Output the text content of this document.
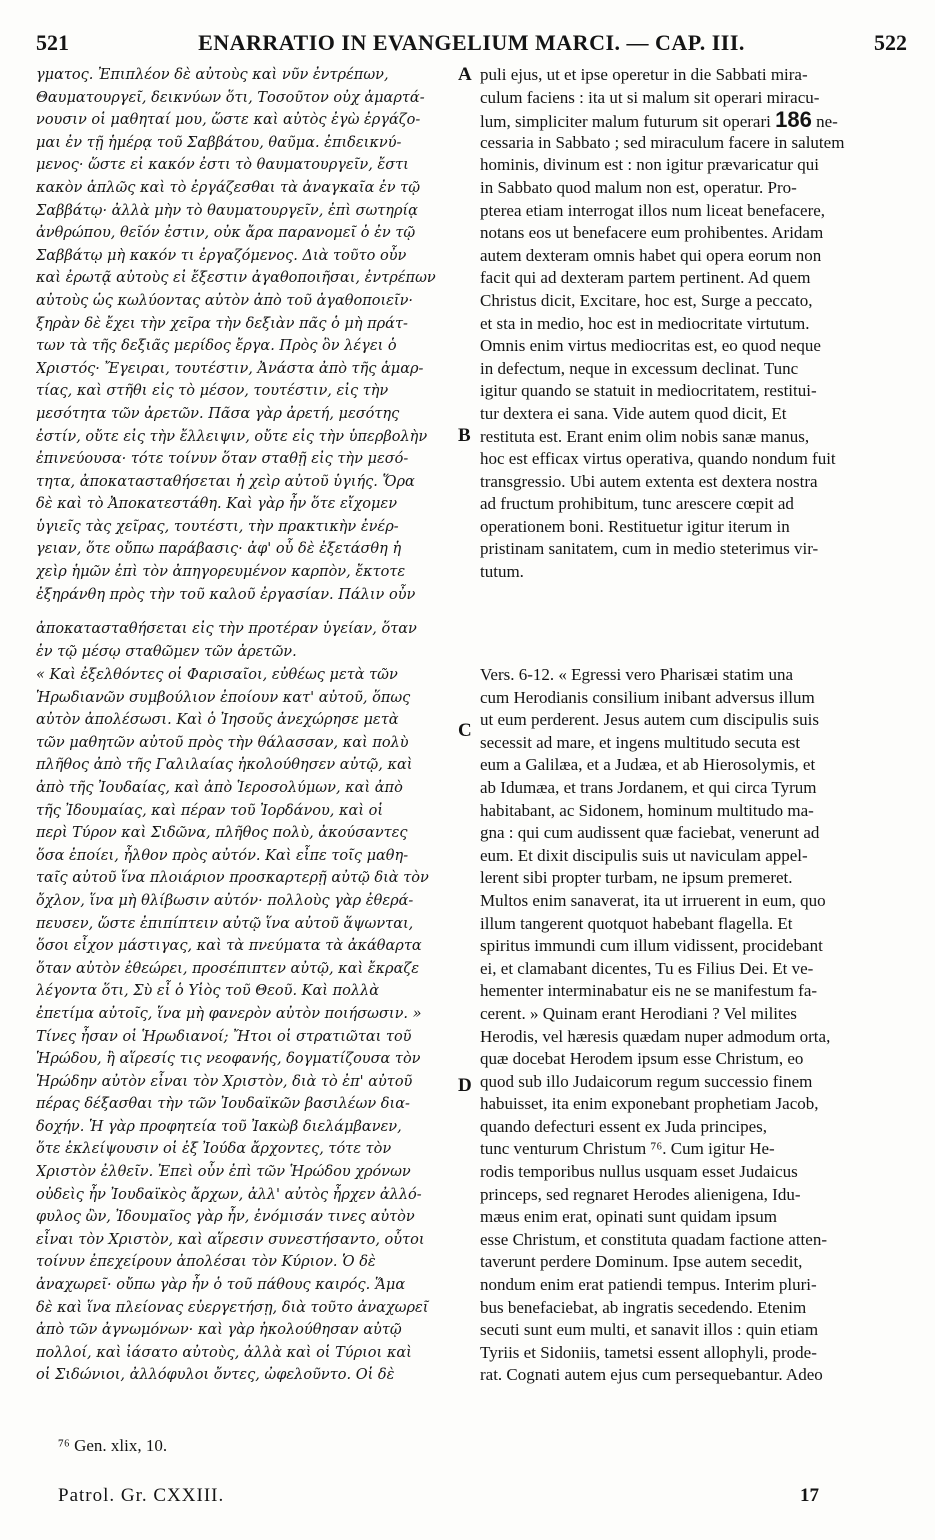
521	ENARRATIO IN EVANGELIUM MARCI. — CAP. III.	522
γματος. Ἐπιπλέον δὲ αὐτοὺς καὶ νῦν ἐντρέπων,
Θαυματουργεῖ, δεικνύων ὅτι, Τοσοῦτον οὐχ ἁμαρτά-
νουσιν οἱ μαθηταί μου, ὥστε καὶ αὐτὸς ἐγὼ ἐργάζο-
μαι ἐν τῇ ἡμέρᾳ τοῦ Σαββάτου, θαῦμα. ἐπιδεικνύ-
μενος· ὥστε εἰ κακόν ἐστι τὸ θαυματουργεῖν, ἔστι
κακὸν ἁπλῶς καὶ τὸ ἐργάζεσθαι τὰ ἀναγκαῖα ἐν τῷ
Σαββάτῳ· ἀλλὰ μὴν τὸ θαυματουργεῖν, ἐπὶ σωτηρίᾳ
ἀνθρώπου, θεῖόν ἐστιν, οὐκ ἄρα παρανομεῖ ὁ ἐν τῷ
Σαββάτῳ μὴ κακόν τι ἐργαζόμενος. Διὰ τοῦτο οὖν
καὶ ἐρωτᾷ αὐτοὺς εἰ ἔξεστιν ἀγαθοποιῆσαι, ἐντρέπων
αὐτοὺς ὡς κωλύοντας αὐτὸν ἀπὸ τοῦ ἀγαθοποιεῖν·
ξηρὰν δὲ ἔχει τὴν χεῖρα τὴν δεξιὰν πᾶς ὁ μὴ πράτ-
των τὰ τῆς δεξιᾶς μερίδος ἔργα. Πρὸς ὃν λέγει ὁ
Χριστός· Ἔγειραι, τουτέστιν, Ἀνάστα ἀπὸ τῆς ἁμαρ-
τίας, καὶ στῆθι εἰς τὸ μέσον, τουτέστιν, εἰς τὴν
μεσότητα τῶν ἀρετῶν. Πᾶσα γὰρ ἀρετή, μεσότης
ἐστίν, οὔτε εἰς τὴν ἔλλειψιν, οὔτε εἰς τὴν ὑπερβολὴν
ἐπινεύουσα· τότε τοίνυν ὅταν σταθῇ εἰς τὴν μεσό-
τητα, ἀποκατασταθήσεται ἡ χεὶρ αὐτοῦ ὑγιής. Ὅρα
δὲ καὶ τὸ Ἀποκατεστάθη. Καὶ γὰρ ἦν ὅτε εἴχομεν
ὑγιεῖς τὰς χεῖρας, τουτέστι, τὴν πρακτικὴν ἐνέρ-
γειαν, ὅτε οὔπω παράβασις· ἀφ' οὗ δὲ ἐξετάσθη ἡ
χεὶρ ἡμῶν ἐπὶ τὸν ἀπηγορευμένον καρπὸν, ἔκτοτε
ἐξηράνθη πρὸς τὴν τοῦ καλοῦ ἐργασίαν. Πάλιν οὖν
puli ejus, ut et ipse operetur in die Sabbati mira-
culum faciens : ita ut si malum sit operari miracu-
lum, simpliciter malum futurum sit operari 186 ne-
cessaria in Sabbato ; sed miraculum facere in salutem
hominis, divinum est : non igitur prævaricatur qui
in Sabbato quod malum non est, operatur. Pro-
pterea etiam interrogat illos num liceat benefacere,
notans eos ut benefacere eum prohibentes. Aridam
autem dexteram omnis habet qui opera eorum non
facit qui ad dexteram partem pertinent. Ad quem
Christus dicit, Excitare, hoc est, Surge a peccato,
et sta in medio, hoc est in mediocritate virtutum.
Omnis enim virtus mediocritas est, eo quod neque
in defectum, neque in excessum declinat. Tunc
igitur quando se statuit in mediocritatem, restitui-
tur dextera ei sana. Vide autem quod dicit, Et
restituta est. Erant enim olim nobis sanæ manus,
hoc est efficax virtus operativa, quando nondum fuit
transgressio. Ubi autem extenta est dextera nostra
ad fructum prohibitum, tunc arescere cœpit ad
operationem boni. Restituetur igitur iterum in
pristinam sanitatem, cum in medio steterimus vir-
tutum.
A
B
C
D
ἀποκατασταθήσεται εἰς τὴν προτέραν ὑγείαν, ὅταν
ἐν τῷ μέσῳ σταθῶμεν τῶν ἀρετῶν.
« Καὶ ἐξελθόντες οἱ Φαρισαῖοι, εὐθέως μετὰ τῶν
Ἡρωδιανῶν συμβούλιον ἐποίουν κατ' αὐτοῦ, ὅπως
αὐτὸν ἀπολέσωσι. Καὶ ὁ Ἰησοῦς ἀνεχώρησε μετὰ
τῶν μαθητῶν αὐτοῦ πρὸς τὴν θάλασσαν, καὶ πολὺ
πλῆθος ἀπὸ τῆς Γαλιλαίας ἠκολούθησεν αὐτῷ, καὶ
ἀπὸ τῆς Ἰουδαίας, καὶ ἀπὸ Ἱεροσολύμων, καὶ ἀπὸ
τῆς Ἰδουμαίας, καὶ πέραν τοῦ Ἰορδάνου, καὶ οἱ
περὶ Τύρον καὶ Σιδῶνα, πλῆθος πολὺ, ἀκούσαντες
ὅσα ἐποίει, ἦλθον πρὸς αὐτόν. Καὶ εἶπε τοῖς μαθη-
ταῖς αὐτοῦ ἵνα πλοιάριον προσκαρτερῇ αὐτῷ διὰ τὸν
ὄχλον, ἵνα μὴ θλίβωσιν αὐτόν· πολλοὺς γὰρ ἐθερά-
πευσεν, ὥστε ἐπιπίπτειν αὐτῷ ἵνα αὐτοῦ ἅψωνται,
ὅσοι εἶχον μάστιγας, καὶ τὰ πνεύματα τὰ ἀκάθαρτα
ὅταν αὐτὸν ἐθεώρει, προσέπιπτεν αὐτῷ, καὶ ἔκραζε
λέγοντα ὅτι, Σὺ εἶ ὁ Υἱὸς τοῦ Θεοῦ. Καὶ πολλὰ
ἐπετίμα αὐτοῖς, ἵνα μὴ φανερὸν αὐτὸν ποιήσωσιν. »
Τίνες ἦσαν οἱ Ἡρωδιανοί; Ἤτοι οἱ στρατιῶται τοῦ
Ἡρώδου, ἢ αἵρεσίς τις νεοφανής, δογματίζουσα τὸν
Ἡρώδην αὐτὸν εἶναι τὸν Χριστὸν, διὰ τὸ ἐπ' αὐτοῦ
πέρας δέξασθαι τὴν τῶν Ἰουδαϊκῶν βασιλέων δια-
δοχήν. Ἡ γὰρ προφητεία τοῦ Ἰακὼβ διελάμβανεν,
ὅτε ἐκλείψουσιν οἱ ἐξ Ἰούδα ἄρχοντες, τότε τὸν
Χριστὸν ἐλθεῖν. Ἐπεὶ οὖν ἐπὶ τῶν Ἡρώδου χρόνων
οὐδεὶς ἦν Ἰουδαϊκὸς ἄρχων, ἀλλ' αὐτὸς ἦρχεν ἀλλό-
φυλος ὢν, Ἰδουμαῖος γὰρ ἦν, ἐνόμισάν τινες αὐτὸν
εἶναι τὸν Χριστὸν, καὶ αἵρεσιν συνεστήσαντο, οὗτοι
τοίνυν ἐπεχείρουν ἀπολέσαι τὸν Κύριον. Ὁ δὲ
ἀναχωρεῖ· οὔπω γὰρ ἦν ὁ τοῦ πάθους καιρός. Ἅμα
δὲ καὶ ἵνα πλείονας εὐεργετήσῃ, διὰ τοῦτο ἀναχωρεῖ
ἀπὸ τῶν ἀγνωμόνων· καὶ γὰρ ἠκολούθησαν αὐτῷ
πολλοί, καὶ ἰάσατο αὐτοὺς, ἀλλὰ καὶ οἱ Τύριοι καὶ
οἱ Σιδώνιοι, ἀλλόφυλοι ὄντες, ὠφελοῦντο. Οἱ δὲ
Vers. 6-12. « Egressi vero Pharisæi statim una
cum Herodianis consilium inibant adversus illum
ut eum perderent. Jesus autem cum discipulis suis
secessit ad mare, et ingens multitudo secuta est
eum a Galilæa, et a Judæa, et ab Hierosolymis, et
ab Idumæa, et trans Jordanem, et qui circa Tyrum
habitabant, ac Sidonem, hominum multitudo ma-
gna : qui cum audissent quæ faciebat, venerunt ad
eum. Et dixit discipulis suis ut naviculam appel-
lerent sibi propter turbam, ne ipsum premeret.
Multos enim sanaverat, ita ut irruerent in eum, quo
illum tangerent quotquot habebant flagella. Et
spiritus immundi cum illum vidissent, procidebant
ei, et clamabant dicentes, Tu es Filius Dei. Et ve-
hementer interminabatur eis ne se manifestum fa-
cerent. » Quinam erant Herodiani ? Vel milites
Herodis, vel hæresis quædam nuper admodum orta,
quæ docebat Herodem ipsum esse Christum, eo
quod sub illo Judaicorum regum successio finem
habuisset, ita enim exponebant prophetiam Jacob,
quando defecturi essent ex Juda principes,
tunc venturum Christum ⁷⁶. Cum igitur He-
rodis temporibus nullus usquam esset Judaicus
princeps, sed regnaret Herodes alienigena, Idu-
mæus enim erat, opinati sunt quidam ipsum
esse Christum, et constituta quadam factione atten-
taverunt perdere Dominum. Ipse autem secedit,
nondum enim erat patiendi tempus. Interim pluri-
bus benefaciebat, ab ingratis secedendo. Etenim
secuti sunt eum multi, et sanavit illos : quin etiam
Tyriis et Sidoniis, tametsi essent allophyli, prode-
rat. Cognati autem ejus cum persequebantur. Adeo
⁷⁶ Gen. xlix, 10.
Patrol. Gr. CXXIII.	17
